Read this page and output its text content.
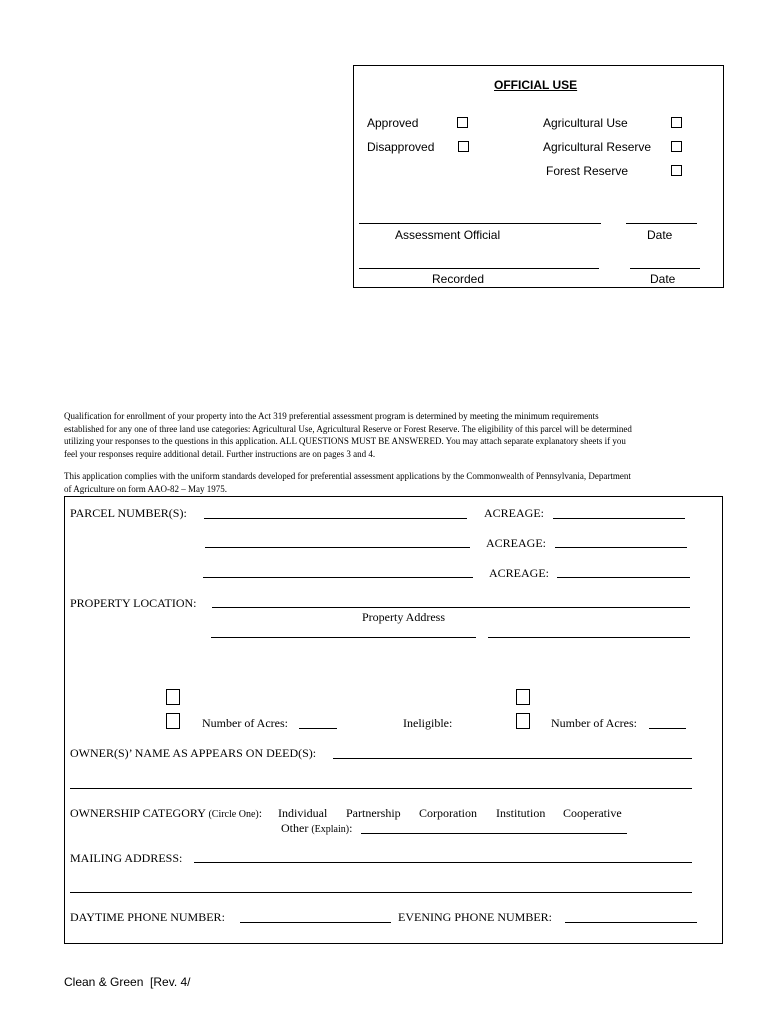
OFFICIAL USE
Approved
Disapproved
Agricultural Use
Agricultural Reserve
Forest Reserve
Assessment Official	Date
Recorded	Date
Qualification for enrollment of your property into the Act 319 preferential assessment program is determined by meeting the minimum requirements
established for any one of three land use categories: Agricultural Use, Agricultural Reserve or Forest Reserve. The eligibility of this parcel will be determined
utilizing your responses to the questions in this application. ALL QUESTIONS MUST BE ANSWERED. You may attach separate explanatory sheets if you
feel your responses require additional detail. Further instructions are on pages 3 and 4.
This application complies with the uniform standards developed for preferential assessment applications by the Commonwealth of Pennsylvania, Department
of Agriculture on form AAO-82 – May 1975.
PARCEL NUMBER(S):	ACREAGE:
ACREAGE:
ACREAGE:
PROPERTY LOCATION:
Property Address
Number of Acres:	Ineligible:	Number of Acres:
OWNER(S)’ NAME AS APPEARS ON DEED(S):
OWNERSHIP CATEGORY (Circle One): Individual Partnership Corporation Institution Cooperative
Other (Explain):
MAILING ADDRESS:
DAYTIME PHONE NUMBER:	EVENING PHONE NUMBER:
Clean & Green  [Rev. 4/
